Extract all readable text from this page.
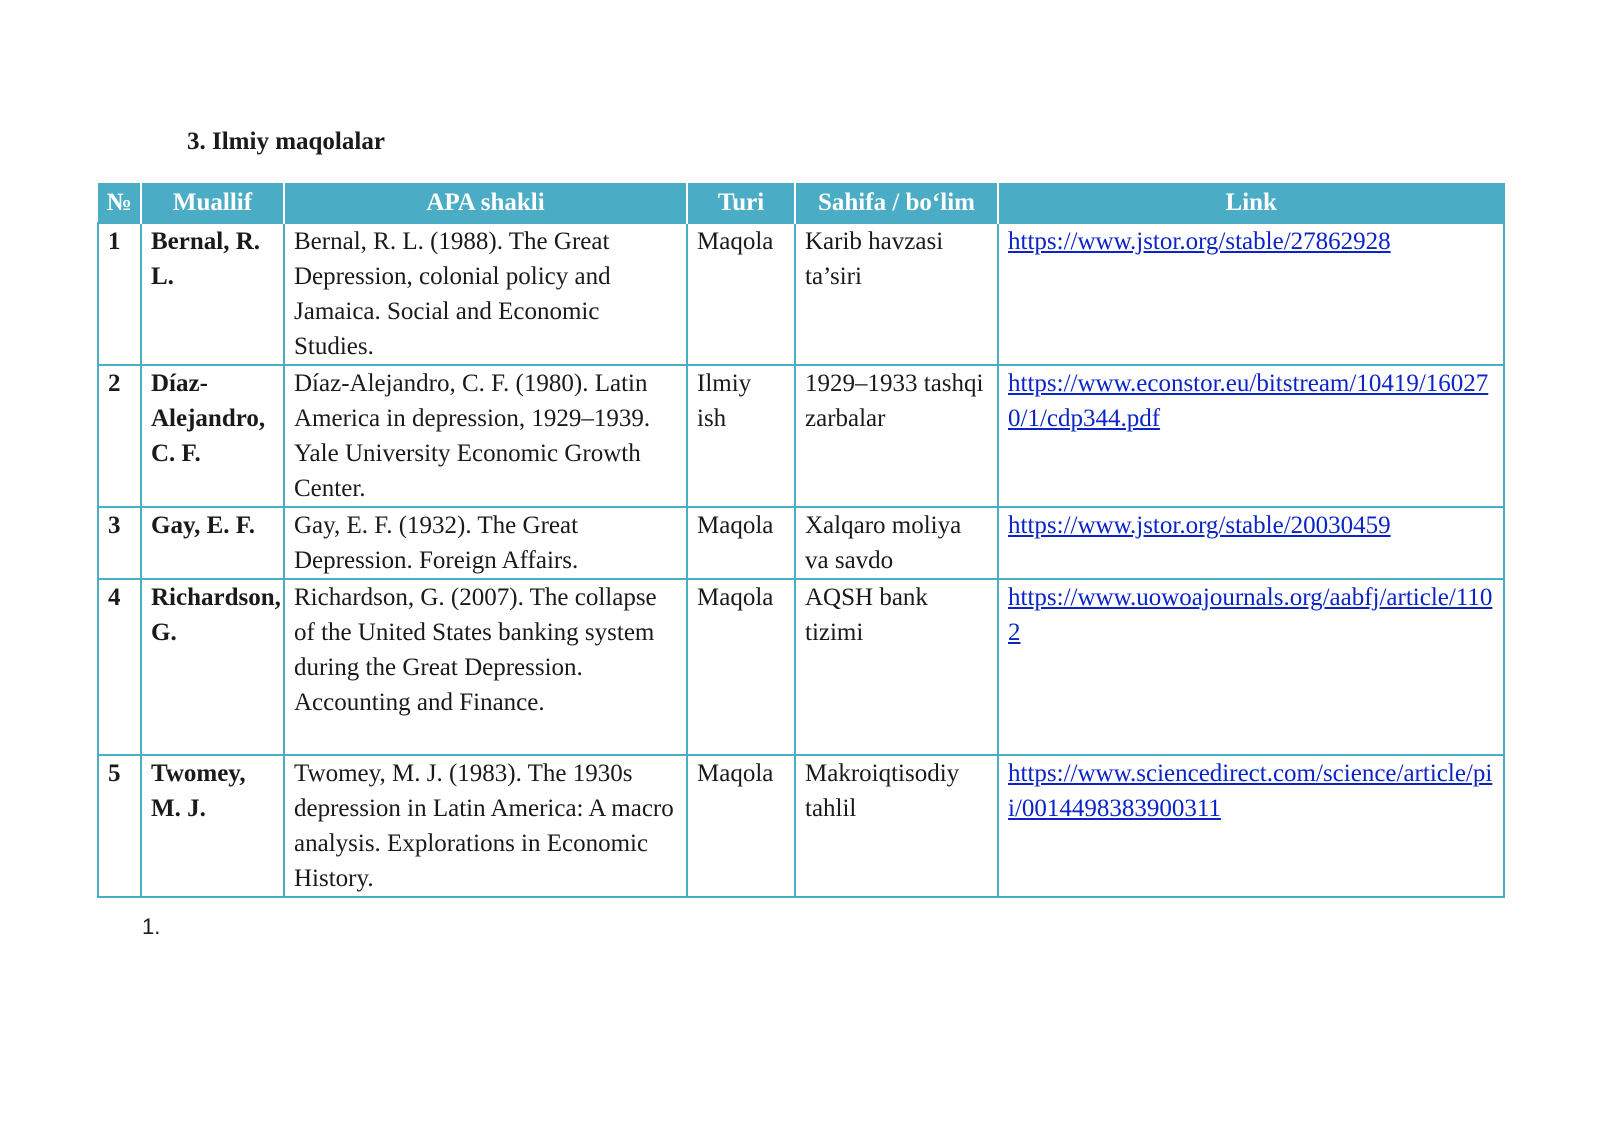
3. Ilmiy maqolalar
№	Muallif	APA shakli	Turi	Sahifa / bo‘lim	Link
1	Bernal, R. L.	Bernal, R. L. (1988). The Great Depression, colonial policy and Jamaica. Social and Economic Studies.	Maqola	Karib havzasi ta’siri	https://www.jstor.org/stable/27862928
2	Díaz-Alejandro, C. F.	Díaz-Alejandro, C. F. (1980). Latin America in depression, 1929–1939. Yale University Economic Growth Center.	Ilmiy ish	1929–1933 tashqi zarbalar	https://www.econstor.eu/bitstream/10419/160270/1/cdp344.pdf
3	Gay, E. F.	Gay, E. F. (1932). The Great Depression. Foreign Affairs.	Maqola	Xalqaro moliya va savdo	https://www.jstor.org/stable/20030459
4	Richardson, G.	Richardson, G. (2007). The collapse of the United States banking system during the Great Depression. Accounting and Finance.	Maqola	AQSH bank tizimi	https://www.uowoajournals.org/aabfj/article/1102
5	Twomey, M. J.	Twomey, M. J. (1983). The 1930s depression in Latin America: A macro analysis. Explorations in Economic History.	Maqola	Makroiqtisodiy tahlil	https://www.sciencedirect.com/science/article/pii/0014498383900311
1.
